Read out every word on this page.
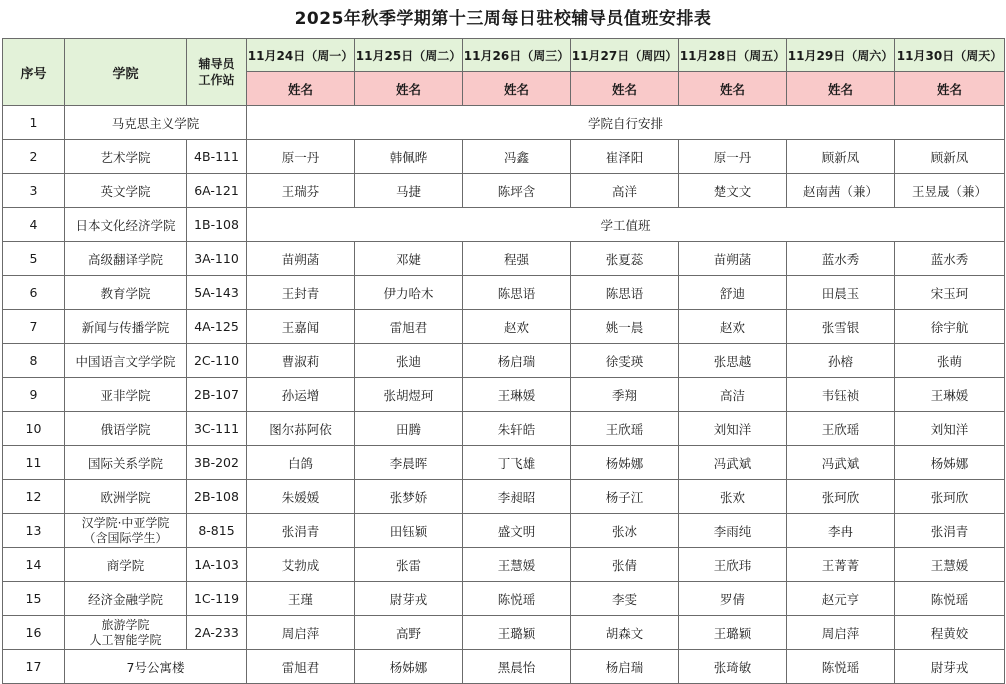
2025年秋季学期第十三周每日驻校辅导员值班安排表
序号	学院	辅导员
工作站	11月24日（周一）	11月25日（周二）	11月26日（周三）	11月27日（周四）	11月28日（周五）	11月29日（周六）	11月30日（周天）
			姓名	姓名	姓名	姓名	姓名	姓名	姓名
1	马克思主义学院		学院自行安排						
2	艺术学院	4B-111	原一丹	韩佩晔	冯鑫	崔泽阳	原一丹	顾新凤	顾新凤
3	英文学院	6A-121	王瑞芬	马捷	陈坪含	高洋	楚文文	赵南茜（兼）	王昱晟（兼）
4	日本文化经济学院	1B-108	学工值班						
5	高级翻译学院	3A-110	苗朔菡	邓婕	程强	张夏蕊	苗朔菡	蓝水秀	蓝水秀
6	教育学院	5A-143	王封青	伊力哈木	陈思语	陈思语	舒迪	田晨玉	宋玉珂
7	新闻与传播学院	4A-125	王嘉闻	雷旭君	赵欢	姚一晨	赵欢	张雪银	徐宇航
8	中国语言文学学院	2C-110	曹淑莉	张迪	杨启瑞	徐雯瑛	张思越	孙榕	张萌
9	亚非学院	2B-107	孙运增	张胡煜珂	王琳媛	季翔	高洁	韦钰祯	王琳媛
10	俄语学院	3C-111	图尔荪阿依	田腾	朱轩皓	王欣瑶	刘知洋	王欣瑶	刘知洋
11	国际关系学院	3B-202	白鸽	李晨晖	丁飞雄	杨姊娜	冯武斌	冯武斌	杨姊娜
12	欧洲学院	2B-108	朱媛媛	张梦娇	李昶昭	杨子江	张欢	张珂欣	张珂欣
13	汉学院·中亚学院
（含国际学生）	8-815	张涓青	田钰颖	盛文明	张冰	李雨纯	李冉	张涓青
14	商学院	1A-103	艾勃成	张雷	王慧媛	张倩	王欣玮	王菁菁	王慧媛
15	经济金融学院	1C-119	王瑾	尉芽戎	陈悦瑶	李雯	罗倩	赵元亨	陈悦瑶
16	旅游学院
人工智能学院	2A-233	周启萍	高野	王璐颖	胡森文	王璐颖	周启萍	程黄姣
17	7号公寓楼		雷旭君	杨姊娜	黑晨怡	杨启瑞	张琦敏	陈悦瑶	尉芽戎
